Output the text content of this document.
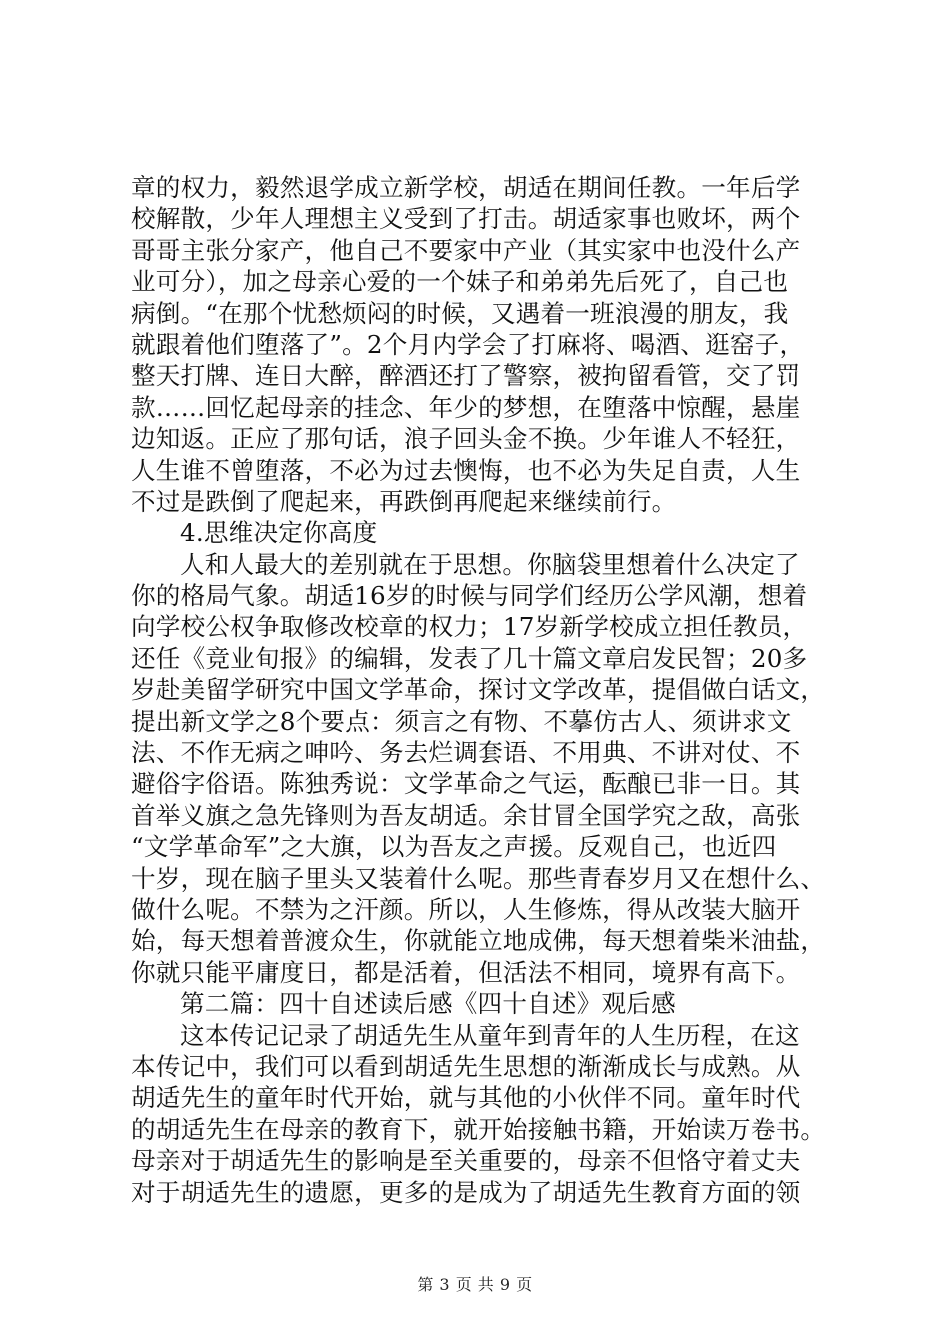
章的权力，毅然退学成立新学校，胡适在期间任教。一年后学
校解散，少年人理想主义受到了打击。胡适家事也败坏，两个
哥哥主张分家产，他自己不要家中产业（其实家中也没什么产
业可分），加之母亲心爱的一个妹子和弟弟先后死了，自己也
病倒。“在那个忧愁烦闷的时候，又遇着一班浪漫的朋友，我
就跟着他们堕落了”。2个月内学会了打麻将、喝酒、逛窑子，
整天打牌、连日大醉，醉酒还打了警察，被拘留看管，交了罚
款……回忆起母亲的挂念、年少的梦想，在堕落中惊醒，悬崖
边知返。正应了那句话，浪子回头金不换。少年谁人不轻狂，
人生谁不曾堕落，不必为过去懊悔，也不必为失足自责，人生
不过是跌倒了爬起来，再跌倒再爬起来继续前行。
4.思维决定你高度
人和人最大的差别就在于思想。你脑袋里想着什么决定了
你的格局气象。胡适16岁的时候与同学们经历公学风潮，想着
向学校公权争取修改校章的权力；17岁新学校成立担任教员，
还任《竞业旬报》的编辑，发表了几十篇文章启发民智；20多
岁赴美留学研究中国文学革命，探讨文学改革，提倡做白话文，
提出新文学之8个要点：须言之有物、不摹仿古人、须讲求文
法、不作无病之呻吟、务去烂调套语、不用典、不讲对仗、不
避俗字俗语。陈独秀说：文学革命之气运，酝酿已非一日。其
首举义旗之急先锋则为吾友胡适。余甘冒全国学究之敌，高张
“文学革命军”之大旗，以为吾友之声援。反观自己，也近四
十岁，现在脑子里头又装着什么呢。那些青春岁月又在想什么、
做什么呢。不禁为之汗颜。所以，人生修炼，得从改装大脑开
始，每天想着普渡众生，你就能立地成佛，每天想着柴米油盐，
你就只能平庸度日，都是活着，但活法不相同，境界有高下。
第二篇：四十自述读后感《四十自述》观后感
这本传记记录了胡适先生从童年到青年的人生历程，在这
本传记中，我们可以看到胡适先生思想的渐渐成长与成熟。从
胡适先生的童年时代开始，就与其他的小伙伴不同。童年时代
的胡适先生在母亲的教育下，就开始接触书籍，开始读万卷书。
母亲对于胡适先生的影响是至关重要的，母亲不但恪守着丈夫
对于胡适先生的遗愿，更多的是成为了胡适先生教育方面的领
第 3 页 共 9 页
